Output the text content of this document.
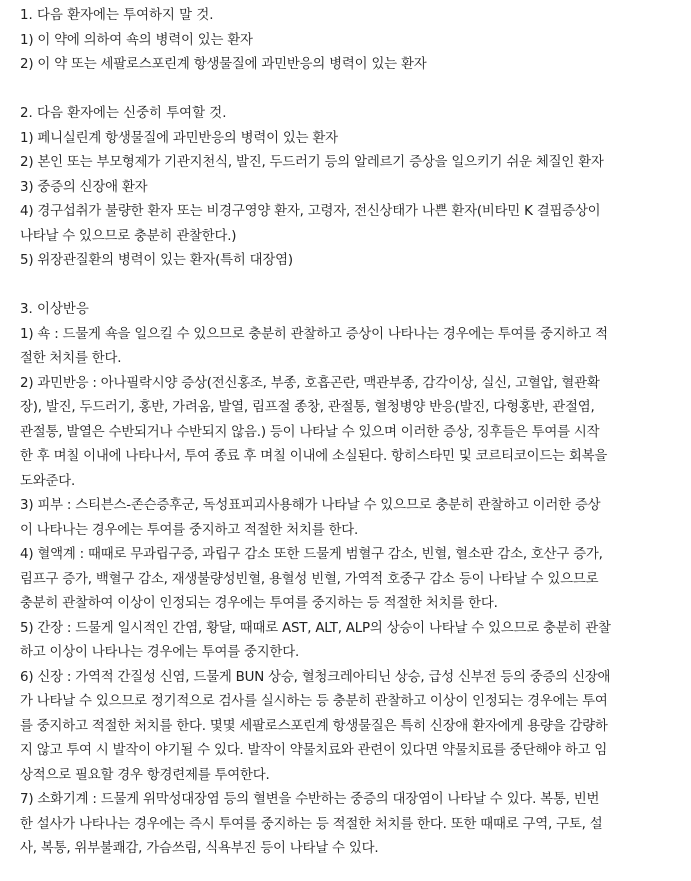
1. 다음 환자에는 투여하지 말 것.
1) 이 약에 의하여 쇽의 병력이 있는 환자
2) 이 약 또는 세팔로스포린계 항생물질에 과민반응의 병력이 있는 환자
2. 다음 환자에는 신중히 투여할 것.
1) 페니실린계 항생물질에 과민반응의 병력이 있는 환자
2) 본인 또는 부모형제가 기관지천식, 발진, 두드러기 등의 알레르기 증상을 일으키기 쉬운 체질인 환자
3) 중증의 신장애 환자
4) 경구섭취가 불량한 환자 또는 비경구영양 환자, 고령자, 전신상태가 나쁜 환자(비타민 K 결핍증상이
나타날 수 있으므로 충분히 관찰한다.)
5) 위장관질환의 병력이 있는 환자(특히 대장염)
3. 이상반응
1) 쇽 : 드물게 쇽을 일으킬 수 있으므로 충분히 관찰하고 증상이 나타나는 경우에는 투여를 중지하고 적
절한 처치를 한다.
2) 과민반응 : 아나필락시양 증상(전신홍조, 부종, 호흡곤란, 맥관부종, 감각이상, 실신, 고혈압, 혈관확
장), 발진, 두드러기, 홍반, 가려움, 발열, 림프절 종창, 관절통, 혈청병양 반응(발진, 다형홍반, 관절염,
관절통, 발열은 수반되거나 수반되지 않음.) 등이 나타날 수 있으며 이러한 증상, 징후들은 투여를 시작
한 후 며칠 이내에 나타나서, 투여 종료 후 며칠 이내에 소실된다. 항히스타민 및 코르티코이드는 회복을
도와준다.
3) 피부 : 스티븐스-존슨증후군, 독성표피괴사용해가 나타날 수 있으므로 충분히 관찰하고 이러한 증상
이 나타나는 경우에는 투여를 중지하고 적절한 처치를 한다.
4) 혈액계 : 때때로 무과립구증, 과립구 감소 또한 드물게 범혈구 감소, 빈혈, 혈소판 감소, 호산구 증가,
림프구 증가, 백혈구 감소, 재생불량성빈혈, 용혈성 빈혈, 가역적 호중구 감소 등이 나타날 수 있으므로
충분히 관찰하여 이상이 인정되는 경우에는 투여를 중지하는 등 적절한 처치를 한다.
5) 간장 : 드물게 일시적인 간염, 황달, 때때로 AST, ALT, ALP의 상승이 나타날 수 있으므로 충분히 관찰
하고 이상이 나타나는 경우에는 투여를 중지한다.
6) 신장 : 가역적 간질성 신염, 드물게 BUN 상승, 혈청크레아티닌 상승, 급성 신부전 등의 중증의 신장애
가 나타날 수 있으므로 정기적으로 검사를 실시하는 등 충분히 관찰하고 이상이 인정되는 경우에는 투여
를 중지하고 적절한 처치를 한다. 몇몇 세팔로스포린계 항생물질은 특히 신장애 환자에게 용량을 감량하
지 않고 투여 시 발작이 야기될 수 있다. 발작이 약물치료와 관련이 있다면 약물치료를 중단해야 하고 임
상적으로 필요할 경우 항경련제를 투여한다.
7) 소화기계 : 드물게 위막성대장염 등의 혈변을 수반하는 중증의 대장염이 나타날 수 있다. 복통, 빈번
한 설사가 나타나는 경우에는 즉시 투여를 중지하는 등 적절한 처치를 한다. 또한 때때로 구역, 구토, 설
사, 복통, 위부불쾌감, 가슴쓰림, 식욕부진 등이 나타날 수 있다.
